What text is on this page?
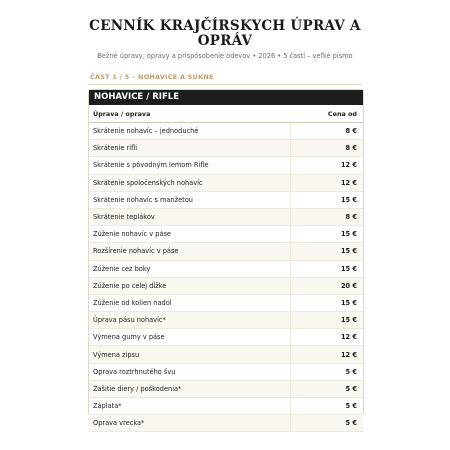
CENNÍK KRAJČÍRSKYCH ÚPRAV A
OPRÁV

Bežné úpravy, opravy a prispôsobenie odevov • 2026 • 5 častí – veľké písmo

ČASŤ 1 / 5 – NOHAVICE A SUKNE
NOHAVICE / RIFLE
Úprava / oprava	Cena od
Skrátenie nohavíc – jednoduché	8 €
Skrátenie rifli	8 €
Skrátenie s pôvodným lemom Rifle	12 €
Skrátenie spoločenských nohavíc	12 €
Skrátenie nohavíc s manžetou	15 €
Skrátenie teplákov	8 €
Zúženie nohavíc v páse	15 €
Rozšírenie nohavíc v páse	15 €
Zúženie cez boky	15 €
Zúženie po celej dĺžke	20 €
Zúženie od kolien nadol	15 €
Úprava pásu nohavíc*	15 €
Výmena gumy v páse	12 €
Výmena zipsu	12 €
Oprava roztrhnutého švu	5 €
Zašitie diery / poškodenia*	5 €
Záplata*	5 €
Oprava vrecka*	5 €
